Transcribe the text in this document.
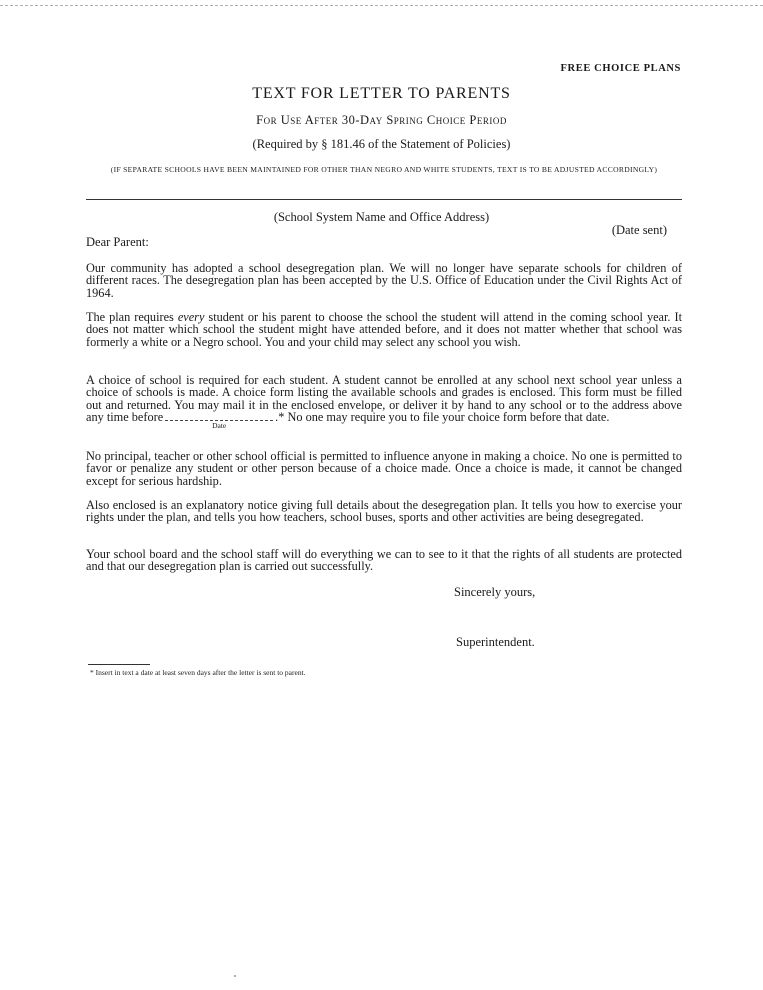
FREE CHOICE PLANS
TEXT FOR LETTER TO PARENTS
For Use After 30-Day Spring Choice Period
(Required by § 181.46 of the Statement of Policies)
(IF SEPARATE SCHOOLS HAVE BEEN MAINTAINED FOR OTHER THAN NEGRO AND WHITE STUDENTS, TEXT IS TO BE ADJUSTED ACCORDINGLY)
(School System Name and Office Address)
(Date sent)
Dear Parent:

Our community has adopted a school desegregation plan. We will no longer have separate schools for children of different races. The desegregation plan has been accepted by the U.S. Office of Education under the Civil Rights Act of 1964.

The plan requires every student or his parent to choose the school the student will attend in the coming school year. It does not matter which school the student might have attended before, and it does not matter whether that school was formerly a white or a Negro school. You and your child may select any school you wish.

A choice of school is required for each student. A student cannot be enrolled at any school next school year unless a choice of schools is made. A choice form listing the available schools and grades is enclosed. This form must be filled out and returned. You may mail it in the enclosed envelope, or deliver it by hand to any school or to the address above any time before
Date
.* No one may require you to file your choice form before that date.

No principal, teacher or other school official is permitted to influence anyone in making a choice. No one is permitted to favor or penalize any student or other person because of a choice made. Once a choice is made, it cannot be changed except for serious hardship.

Also enclosed is an explanatory notice giving full details about the desegregation plan. It tells you how to exercise your rights under the plan, and tells you how teachers, school buses, sports and other activities are being desegregated.

Your school board and the school staff will do everything we can to see to it that the rights of all students are protected and that our desegregation plan is carried out successfully.

Sincerely yours,
Superintendent.
* Insert in text a date at least seven days after the letter is sent to parent.
